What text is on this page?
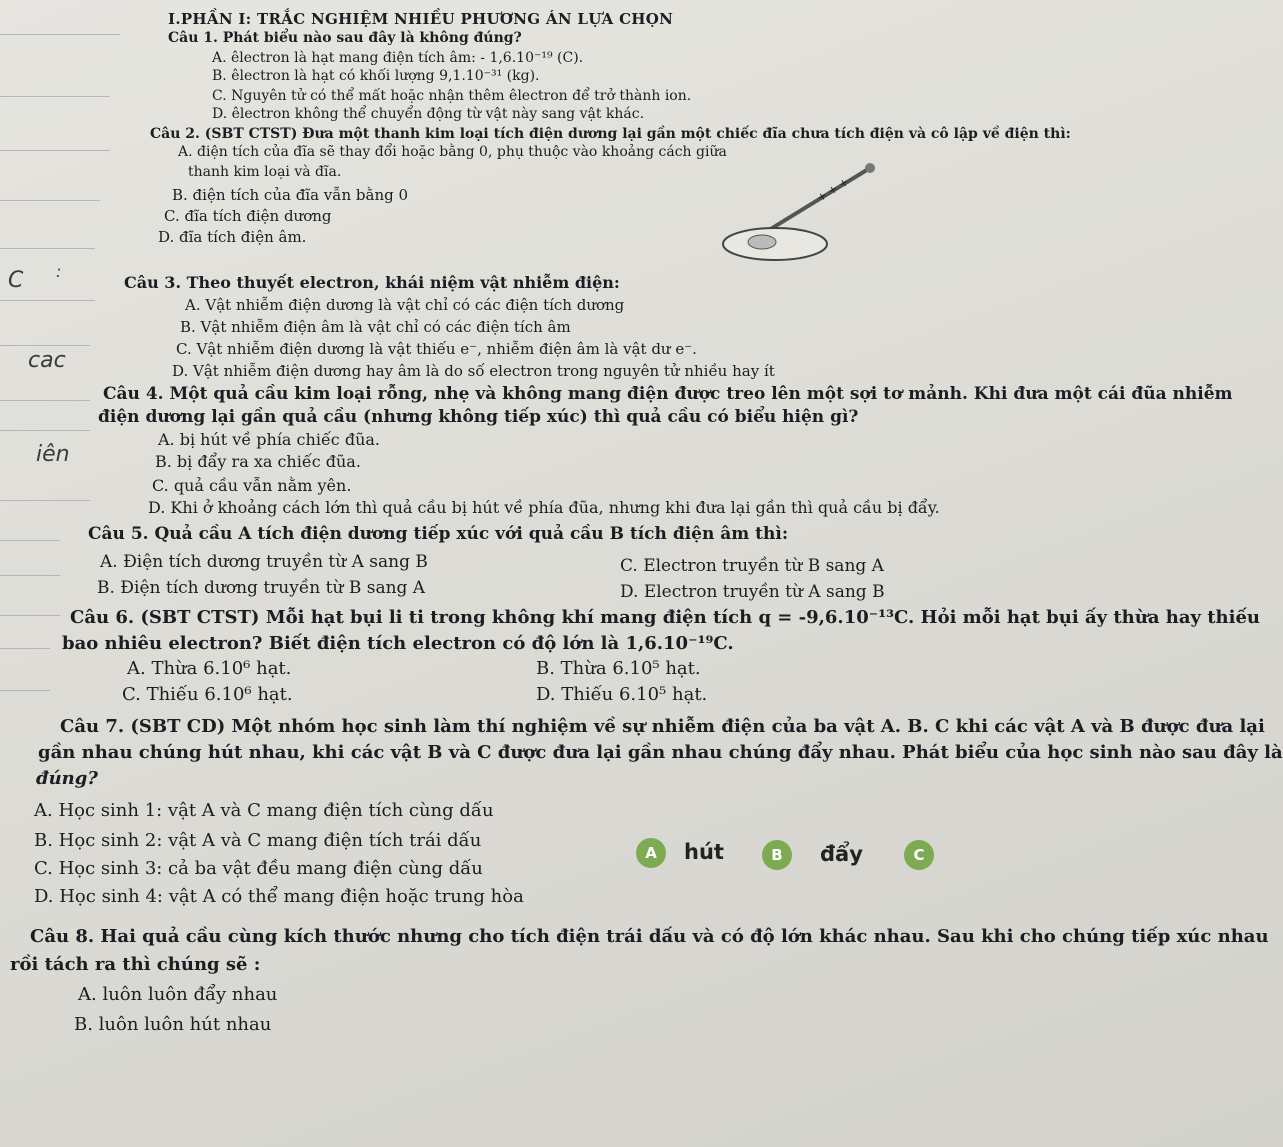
C :
cac
iên
I.PHẦN I: TRẮC NGHIỆM NHIỀU PHƯƠNG ÁN LỰA CHỌN
Câu 1. Phát biểu nào sau đây là không đúng?
A. êlectron là hạt mang điện tích âm: - 1,6.10⁻¹⁹ (C).
B. êlectron là hạt có khối lượng 9,1.10⁻³¹ (kg).
C. Nguyên tử có thể mất hoặc nhận thêm êlectron để trở thành ion.
D. êlectron không thể chuyển động từ vật này sang vật khác.
Câu 2. (SBT CTST) Đưa một thanh kim loại tích điện dương lại gần một chiếc đĩa chưa tích điện và cô lập về điện thì:
A. điện tích của đĩa sẽ thay đổi hoặc bằng 0, phụ thuộc vào khoảng cách giữa
thanh kim loại và đĩa.
B. điện tích của đĩa vẫn bằng 0
C. đĩa tích điện dương
D. đĩa tích điện âm.
+ + +
Câu 3. Theo thuyết electron, khái niệm vật nhiễm điện:
A. Vật nhiễm điện dương là vật chỉ có các điện tích dương
B. Vật nhiễm điện âm là vật chỉ có các điện tích âm
C. Vật nhiễm điện dương là vật thiếu e⁻, nhiễm điện âm là vật dư e⁻.
D. Vật nhiễm điện dương hay âm là do số electron trong nguyên tử nhiều hay ít
Câu 4. Một quả cầu kim loại rỗng, nhẹ và không mang điện được treo lên một sợi tơ mảnh. Khi đưa một cái đũa nhiễm
điện dương lại gần quả cầu (nhưng không tiếp xúc) thì quả cầu có biểu hiện gì?
A. bị hút về phía chiếc đũa.
B. bị đẩy ra xa chiếc đũa.
C. quả cầu vẫn nằm yên.
D. Khi ở khoảng cách lớn thì quả cầu bị hút về phía đũa, nhưng khi đưa lại gần thì quả cầu bị đẩy.
Câu 5. Quả cầu A tích điện dương tiếp xúc với quả cầu B tích điện âm thì:
A. Điện tích dương truyền từ A sang B	C. Electron truyền từ B sang A
B. Điện tích dương truyền từ B sang A	D. Electron truyền từ A sang B
Câu 6. (SBT CTST) Mỗi hạt bụi li ti trong không khí mang điện tích q = -9,6.10⁻¹³C. Hỏi mỗi hạt bụi ấy thừa hay thiếu
bao nhiêu electron? Biết điện tích electron có độ lớn là 1,6.10⁻¹⁹C.
A. Thừa 6.10⁶ hạt.	B. Thừa 6.10⁵ hạt.
C. Thiếu 6.10⁶ hạt.	D. Thiếu 6.10⁵ hạt.
Câu 7. (SBT CD) Một nhóm học sinh làm thí nghiệm về sự nhiễm điện của ba vật A. B. C khi các vật A và B được đưa lại
gần nhau chúng hút nhau, khi các vật B và C được đưa lại gần nhau chúng đẩy nhau. Phát biểu của học sinh nào sau đây là
đúng?
A. Học sinh 1: vật A và C mang điện tích cùng dấu
B. Học sinh 2: vật A và C mang điện tích trái dấu
C. Học sinh 3: cả ba vật đều mang điện cùng dấu
D. Học sinh 4: vật A có thể mang điện hoặc trung hòa
A	hút	B	đẩy	C
Câu 8. Hai quả cầu cùng kích thước nhưng cho tích điện trái dấu và có độ lớn khác nhau. Sau khi cho chúng tiếp xúc nhau
rồi tách ra thì chúng sẽ :
A. luôn luôn đẩy nhau
B. luôn luôn hút nhau
